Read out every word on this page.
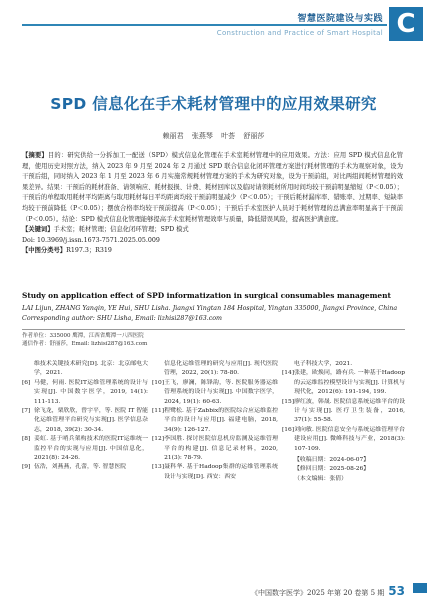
智慧医院建设与实践
Construction and Practice of Smart Hospital C
SPD 信息化在手术耗材管理中的应用效果研究
赖丽君 张燕琴 叶荟 舒丽莎

【摘要】目的：研究供给一分拆加工一配送（SPD）模式信息化管理在手术室耗材管理中的应用效果。方法：应用 SPD 模式信息化管理，使用历史对照方法，纳入 2023 年 9 月至 2024 年 2 月通过 SPD 联合信息化闭环管理方案进行耗材管理的手术为观察对象，设为干预后组，同时纳入 2023 年 1 月至 2023 年 6 月实施常规耗材管理方案的手术为研究对象，设为干预前组，对比两组间耗材管理的效果差异。结果：干预后的耗材准备、请领响应、耗材报损、计费、耗材回库以及临时请领耗材所用时间均较干预前明显缩短（P＜0.05）；干预后的单程取用耗材平均距离与取用耗材每日平均距离均较干预前明显减少（P＜0.05）；干预后耗材漏库率、错账率、过期率、短缺率均较干预前降低（P＜0.05）；摆放合格率均较干预前提高（P＜0.05）；干预后手术室医护人员对于耗材管理的总满意率明显高于干预前（P＜0.05）。结论：SPD 模式信息化管理能够提高手术室耗材管理效率与质量，降低错误风险，提高医护满意度。

【关键词】手术室；耗材管理；信息化闭环管理；SPD 模式

Doi: 10.3969/j.issn.1673-7571.2025.05.009

【中图分类号】R197.3；R319

Study on application effect of SPD informatization in surgical consumables management
LAI Lijun, ZHANG Yanqin, YE Hui, SHU Lisha. Jiangxi Yingtan 184 Hospital, Yingtan 335000, Jiangxi Province, China
Corresponding author: SHU Lisha, Email: lizhisi287@163.com
作者单位：335000 鹰潭，江西省鹰潭一八四医院
通信作者：舒丽莎，Email: lizhisi287@163.com
维技术关键技术研究[D]. 北京：北京邮电大学，2021.
[6] 马健，何雨. 医院IT运维管理系统的设计与实现[J]. 中国数字医学，2019, 14(1): 111-113.
[7] 徐飞龙，栗欣欣，曾宇平，等. 医院 IT 智能化运维管理平台研究与实现[J]. 医学信息杂志，2018, 39(2): 30-34.
[8] 姜虹. 基于哨兵架构技术的医院IT运维统一监控平台的实现与应用[J]. 中国信息化，2021(8): 24-26.
[9] 伍浩，刘燕燕，孔蕾，等. 智慧医院
信息化运维管理的研究与应用[J]. 现代医院管理，2022, 20(1): 78-80.
[10] 王飞，廖澜，陈锋韵，等. 医院服务器运维管理系统的设计与实现[J]. 中国数字医学，2024, 19(1): 60-63.
[11] 程鹭松. 基于Zabbix的医院综合应运维监控平台的设计与应用[J]. 福建电脑，2018, 34(9): 126-127.
[12] 李国胜. 探讨医院信息机房监测及运维管理平台的构建[J]. 信息记录材料，2020, 21(3): 78-79.
[13] 聂科华. 基于Hadoop集群的运维管理系统设计与实现[D]. 西安：西安
电子科技大学，2021.
[14] 张建，欧焕同，路有兵. 一种基于Hadoop的云运维监控模型设计与实现[J]. 计算机与现代化，2012(6): 191-194, 199.
[15] 廖红波，韩晟. 医院信息系统运维平台的设计与实现[J]. 医疗卫生装备，2016, 37(1): 55-58.
[16] 刘向敏. 医院信息安全与系统运维管理平台建设应用[J]. 微峰科技与产业，2018(3): 107-109.
【收稿日期：2024-06-07】
【修回日期：2025-08-26】
（本文编辑：张倩）
《中国数字医学》2025 年第 20 卷第 5 期 53
